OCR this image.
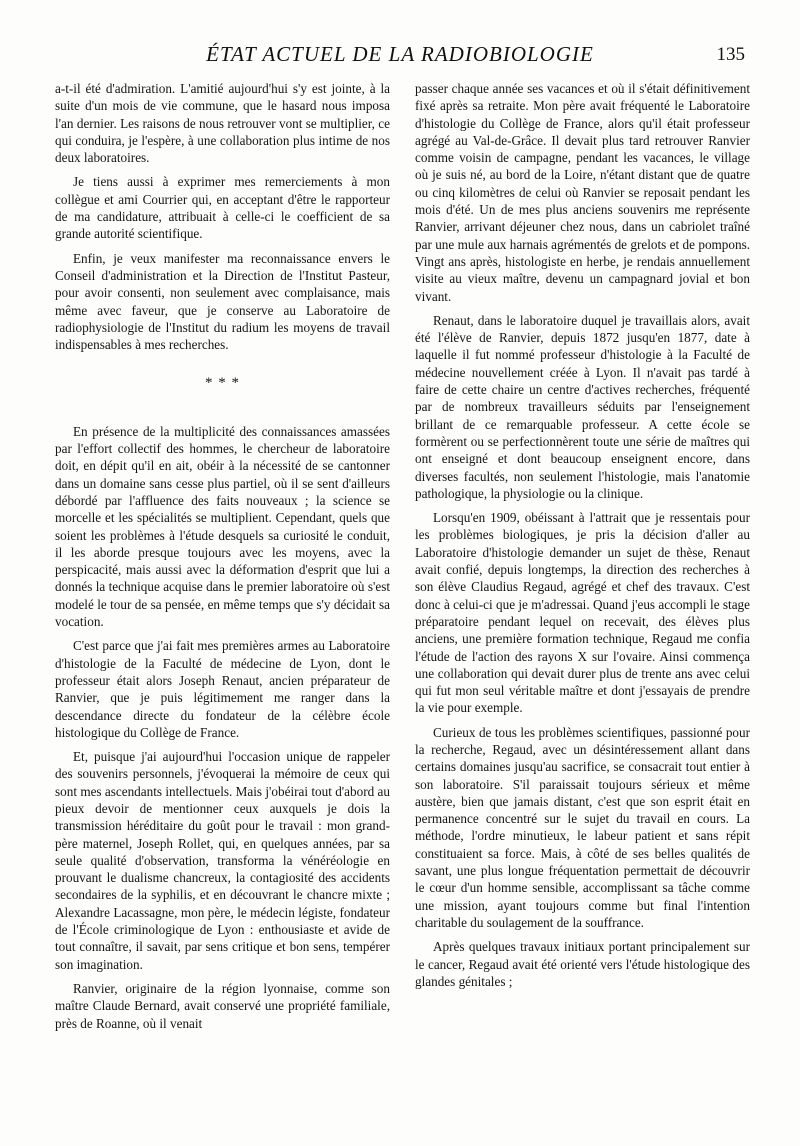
ÉTAT ACTUEL DE LA RADIOBIOLOGIE	135

a-t-il été d'admiration. L'amitié aujourd'hui s'y est jointe, à la suite d'un mois de vie commune, que le hasard nous imposa l'an dernier. Les raisons de nous retrouver vont se multiplier, ce qui conduira, je l'espère, à une collaboration plus intime de nos deux laboratoires.

Je tiens aussi à exprimer mes remerciements à mon collègue et ami Courrier qui, en acceptant d'être le rapporteur de ma candidature, attribuait à celle-ci le coefficient de sa grande autorité scientifique.

Enfin, je veux manifester ma reconnaissance envers le Conseil d'administration et la Direction de l'Institut Pasteur, pour avoir consenti, non seulement avec complaisance, mais même avec faveur, que je conserve au Laboratoire de radiophysiologie de l'Institut du radium les moyens de travail indispensables à mes recherches.

* * *

En présence de la multiplicité des connaissances amassées par l'effort collectif des hommes, le chercheur de laboratoire doit, en dépit qu'il en ait, obéir à la nécessité de se cantonner dans un domaine sans cesse plus partiel, où il se sent d'ailleurs débordé par l'affluence des faits nouveaux ; la science se morcelle et les spécialités se multiplient. Cependant, quels que soient les problèmes à l'étude desquels sa curiosité le conduit, il les aborde presque toujours avec les moyens, avec la perspicacité, mais aussi avec la déformation d'esprit que lui a donnés la technique acquise dans le premier laboratoire où s'est modelé le tour de sa pensée, en même temps que s'y décidait sa vocation.

C'est parce que j'ai fait mes premières armes au Laboratoire d'histologie de la Faculté de médecine de Lyon, dont le professeur était alors Joseph Renaut, ancien préparateur de Ranvier, que je puis légitimement me ranger dans la descendance directe du fondateur de la célèbre école histologique du Collège de France.

Et, puisque j'ai aujourd'hui l'occasion unique de rappeler des souvenirs personnels, j'évoquerai la mémoire de ceux qui sont mes ascendants intellectuels. Mais j'obéirai tout d'abord au pieux devoir de mentionner ceux auxquels je dois la transmission héréditaire du goût pour le travail : mon grand-père maternel, Joseph Rollet, qui, en quelques années, par sa seule qualité d'observation, transforma la vénéréologie en prouvant le dualisme chancreux, la contagiosité des accidents secondaires de la syphilis, et en découvrant le chancre mixte ; Alexandre Lacassagne, mon père, le médecin légiste, fondateur de l'École criminologique de Lyon : enthousiaste et avide de tout connaître, il savait, par sens critique et bon sens, tempérer son imagination.

Ranvier, originaire de la région lyonnaise, comme son maître Claude Bernard, avait conservé une propriété familiale, près de Roanne, où il venait

passer chaque année ses vacances et où il s'était définitivement fixé après sa retraite. Mon père avait fréquenté le Laboratoire d'histologie du Collège de France, alors qu'il était professeur agrégé au Val-de-Grâce. Il devait plus tard retrouver Ranvier comme voisin de campagne, pendant les vacances, le village où je suis né, au bord de la Loire, n'étant distant que de quatre ou cinq kilomètres de celui où Ranvier se reposait pendant les mois d'été. Un de mes plus anciens souvenirs me représente Ranvier, arrivant déjeuner chez nous, dans un cabriolet traîné par une mule aux harnais agrémentés de grelots et de pompons. Vingt ans après, histologiste en herbe, je rendais annuellement visite au vieux maître, devenu un campagnard jovial et bon vivant.

Renaut, dans le laboratoire duquel je travaillais alors, avait été l'élève de Ranvier, depuis 1872 jusqu'en 1877, date à laquelle il fut nommé professeur d'histologie à la Faculté de médecine nouvellement créée à Lyon. Il n'avait pas tardé à faire de cette chaire un centre d'actives recherches, fréquenté par de nombreux travailleurs séduits par l'enseignement brillant de ce remarquable professeur. A cette école se formèrent ou se perfectionnèrent toute une série de maîtres qui ont enseigné et dont beaucoup enseignent encore, dans diverses facultés, non seulement l'histologie, mais l'anatomie pathologique, la physiologie ou la clinique.

Lorsqu'en 1909, obéissant à l'attrait que je ressentais pour les problèmes biologiques, je pris la décision d'aller au Laboratoire d'histologie demander un sujet de thèse, Renaut avait confié, depuis longtemps, la direction des recherches à son élève Claudius Regaud, agrégé et chef des travaux. C'est donc à celui-ci que je m'adressai. Quand j'eus accompli le stage préparatoire pendant lequel on recevait, des élèves plus anciens, une première formation technique, Regaud me confia l'étude de l'action des rayons X sur l'ovaire. Ainsi commença une collaboration qui devait durer plus de trente ans avec celui qui fut mon seul véritable maître et dont j'essayais de prendre la vie pour exemple.

Curieux de tous les problèmes scientifiques, passionné pour la recherche, Regaud, avec un désintéressement allant dans certains domaines jusqu'au sacrifice, se consacrait tout entier à son laboratoire. S'il paraissait toujours sérieux et même austère, bien que jamais distant, c'est que son esprit était en permanence concentré sur le sujet du travail en cours. La méthode, l'ordre minutieux, le labeur patient et sans répit constituaient sa force. Mais, à côté de ses belles qualités de savant, une plus longue fréquentation permettait de découvrir le cœur d'un homme sensible, accomplissant sa tâche comme une mission, ayant toujours comme but final l'intention charitable du soulagement de la souffrance.

Après quelques travaux initiaux portant principalement sur le cancer, Regaud avait été orienté vers l'étude histologique des glandes génitales ;
